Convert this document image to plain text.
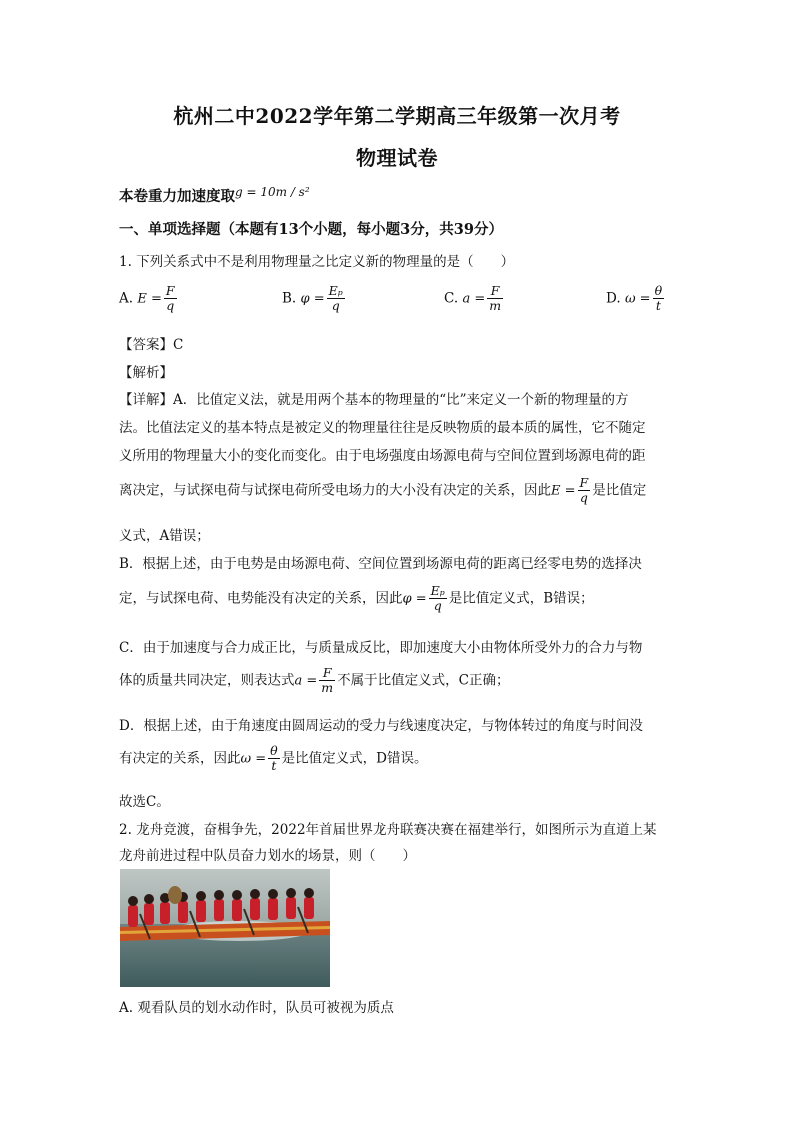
杭州二中2022学年第二学期高三年级第一次月考
物理试卷
本卷重力加速度取$^{g = 10m / s^2}$
一、单项选择题（本题有13个小题，每小题3分，共39分）
1. 下列关系式中不是利用物理量之比定义新的物理量的是（　　）
A. $E = \frac{F}{q}$	B. $\varphi = \frac{\text{Eₚ}}{q}$	C. $a = \frac{F}{m}$	D. $\omega = \frac{\theta}{t}$
【答案】C
【解析】
【详解】A．比值定义法，就是用两个基本的物理量的“比”来定义一个新的物理量的方
法。比值法定义的基本特点是被定义的物理量往往是反映物质的最本质的属性，它不随定
义所用的物理量大小的变化而变化。由于电场强度由场源电荷与空间位置到场源电荷的距
离决定，与试探电荷与试探电荷所受电场力的大小没有决定的关系，因此$E = \frac{F}{q}$ 是比值定
义式，A错误；
B．根据上述，由于电势是由场源电荷、空间位置到场源电荷的距离已经零电势的选择决
定，与试探电荷、电势能没有决定的关系，因此$\varphi = \frac{\text{Eₚ}}{q}$ 是比值定义式，B错误；
C．由于加速度与合力成正比，与质量成反比，即加速度大小由物体所受外力的合力与物
体的质量共同决定，则表达式$a = \frac{F}{m}$ 不属于比值定义式，C正确；
D．根据上述，由于角速度由圆周运动的受力与线速度决定，与物体转过的角度与时间没
有决定的关系，因此$\omega = \frac{\theta}{t}$ 是比值定义式，D错误。
故选C。
2. 龙舟竞渡，奋楫争先，2022年首届世界龙舟联赛决赛在福建举行，如图所示为直道上某
龙舟前进过程中队员奋力划水的场景，则（　　）
A. 观看队员的划水动作时，队员可被视为质点
